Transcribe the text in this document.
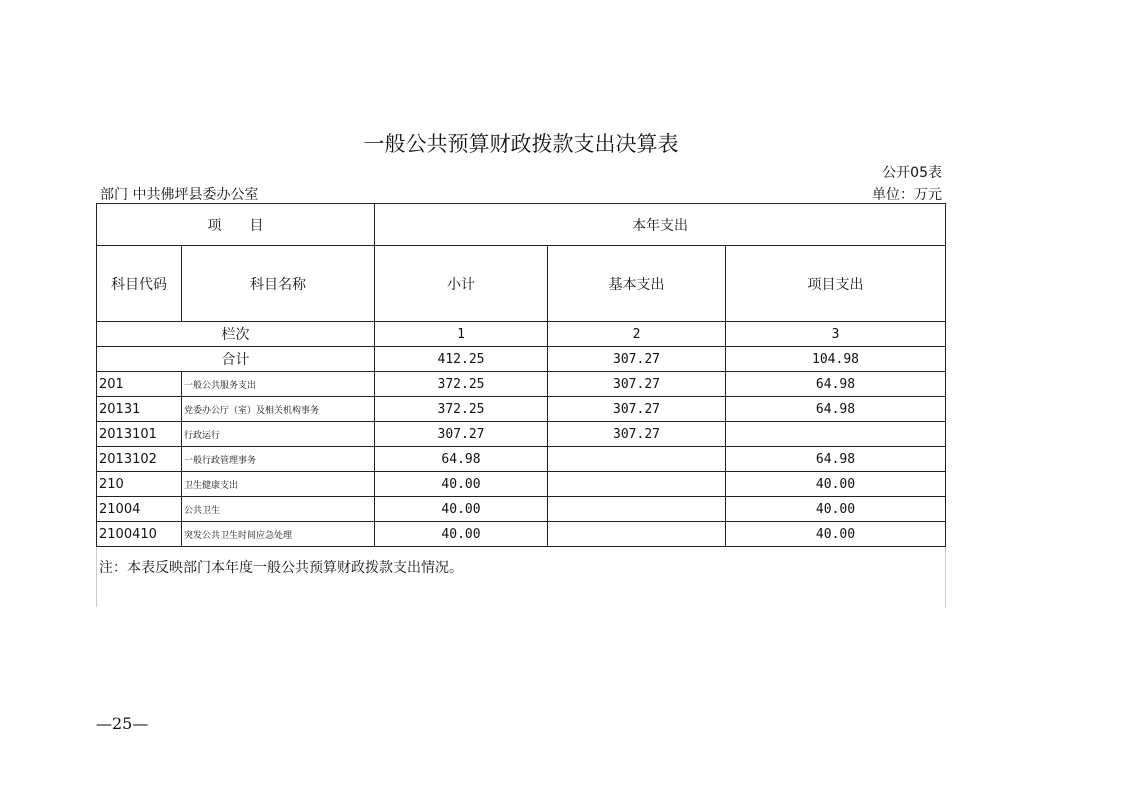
一般公共预算财政拨款支出决算表
公开05表
部门 中共佛坪县委办公室	单位：万元
项　　目		本年支出		
科目代码	科目名称	小计	基本支出	项目支出
栏次		1	2	3
合计		412.25	307.27	104.98
201	一般公共服务支出	372.25	307.27	64.98
20131	党委办公厅（室）及相关机构事务	372.25	307.27	64.98
2013101	行政运行	307.27	307.27	
2013102	一般行政管理事务	64.98		64.98
210	卫生健康支出	40.00		40.00
21004	公共卫生	40.00		40.00
2100410	突发公共卫生时间应急处理	40.00		40.00
注：本表反映部门本年度一般公共预算财政拨款支出情况。				
—25—
